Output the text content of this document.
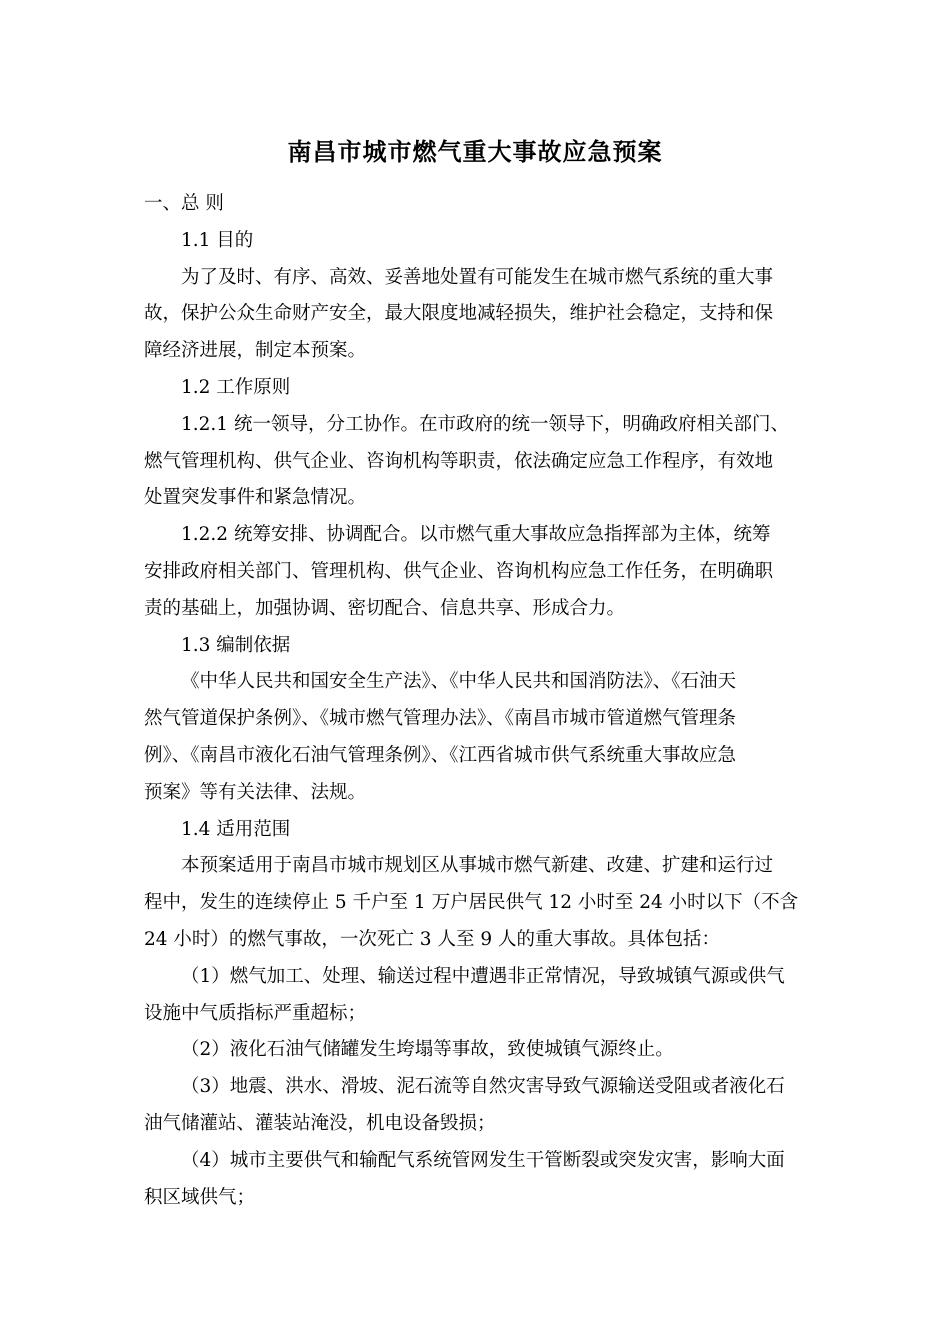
南昌市城市燃气重大事故应急预案
一、总 则
1.1 目的
为了及时、有序、高效、妥善地处置有可能发生在城市燃气系统的重大事
故，保护公众生命财产安全，最大限度地减轻损失，维护社会稳定，支持和保
障经济进展，制定本预案。
1.2 工作原则
1.2.1 统一领导，分工协作。在市政府的统一领导下，明确政府相关部门、
燃气管理机构、供气企业、咨询机构等职责，依法确定应急工作程序，有效地
处置突发事件和紧急情况。
1.2.2 统筹安排、协调配合。以市燃气重大事故应急指挥部为主体，统筹
安排政府相关部门、管理机构、供气企业、咨询机构应急工作任务，在明确职
责的基础上，加强协调、密切配合、信息共享、形成合力。
1.3 编制依据
《中华人民共和国安全生产法》、《中华人民共和国消防法》、《石油天
然气管道保护条例》、《城市燃气管理办法》、《南昌市城市管道燃气管理条
例》、《南昌市液化石油气管理条例》、《江西省城市供气系统重大事故应急
预案》等有关法律、法规。
1.4 适用范围
本预案适用于南昌市城市规划区从事城市燃气新建、改建、扩建和运行过
程中，发生的连续停止 5 千户至 1 万户居民供气 12 小时至 24 小时以下（不含
24 小时）的燃气事故，一次死亡 3 人至 9 人的重大事故。具体包括：
（1）燃气加工、处理、输送过程中遭遇非正常情况，导致城镇气源或供气
设施中气质指标严重超标；
（2）液化石油气储罐发生垮塌等事故，致使城镇气源终止。
（3）地震、洪水、滑坡、泥石流等自然灾害导致气源输送受阻或者液化石
油气储灌站、灌装站淹没，机电设备毁损；
（4）城市主要供气和输配气系统管网发生干管断裂或突发灾害，影响大面
积区域供气；
